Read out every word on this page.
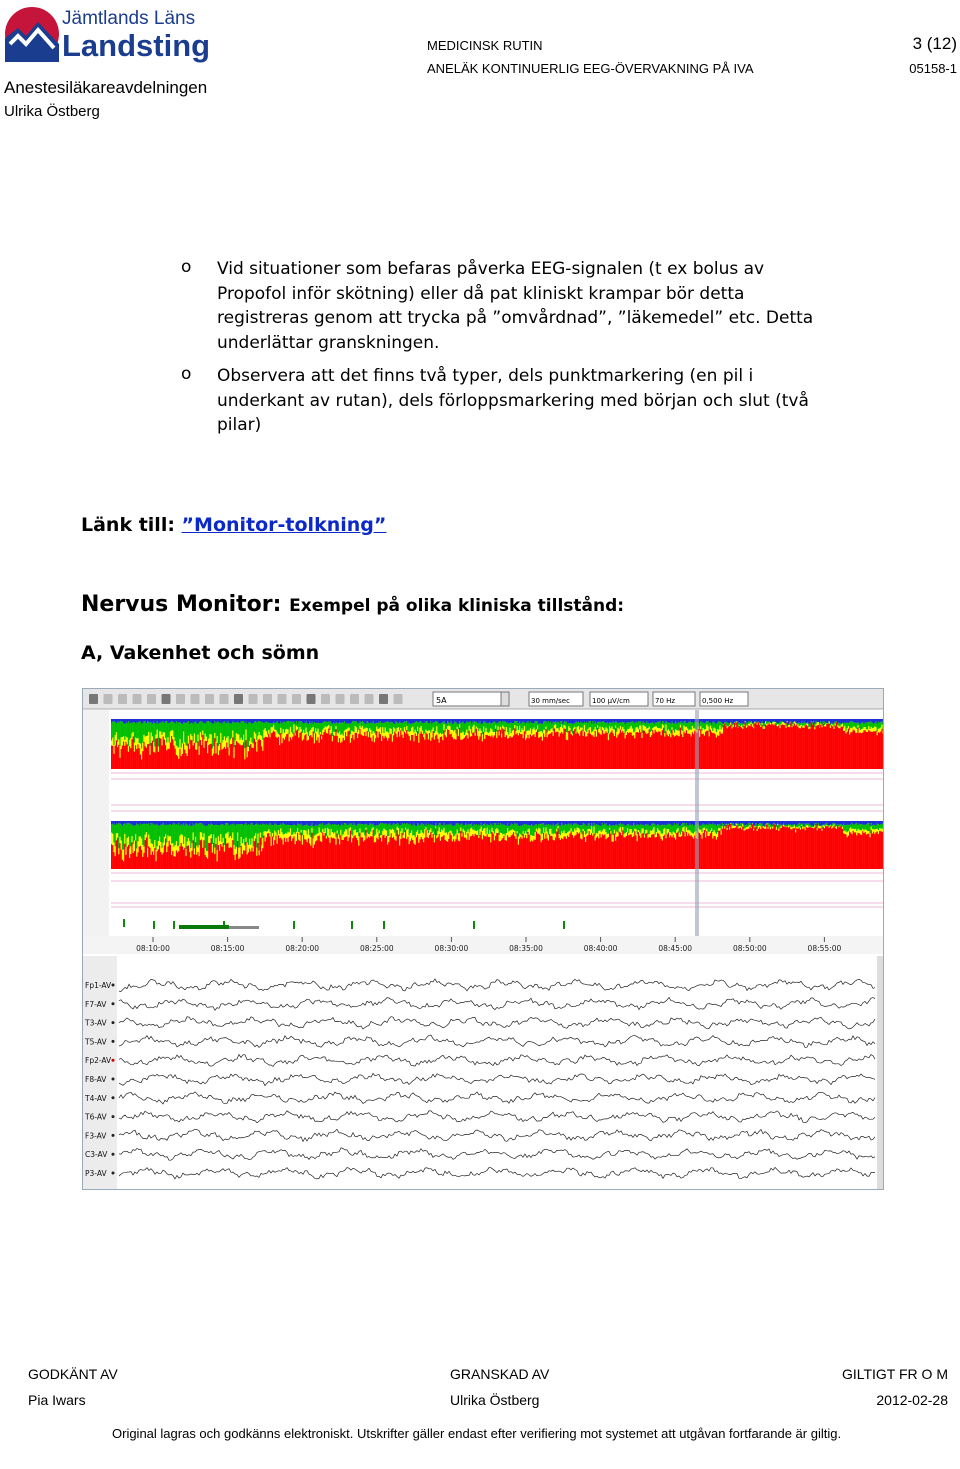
Jämtlands Läns
Landsting
Anestesiläkareavdelningen
Ulrika Östberg
MEDICINSK RUTIN
ANELÄK KONTINUERLIG EEG-ÖVERVAKNING PÅ IVA
3 (12)
05158-1
o Vid situationer som befaras påverka EEG-signalen (t ex bolus av
Propofol inför skötning) eller då pat kliniskt krampar bör detta
registreras genom att trycka på ”omvårdnad”, ”läkemedel” etc. Detta
underlättar granskningen.
o Observera att det finns två typer, dels punktmarkering (en pil i
underkant av rutan), dels förloppsmarkering med början och slut (två
pilar)
Länk till: ”Monitor-tolkning”
Nervus Monitor: Exempel på olika kliniska tillstånd:
A, Vakenhet och sömn
5A	30 mm/sec	100 µV/cm	70 Hz	0,500 Hz
08:10:00	08:15:00	08:20:00	08:25:00	08:30:00	08:35:00	08:40:00	08:45:00	08:50:00	08:55:00
Fp1-AV
F7-AV
T3-AV
T5-AV
Fp2-AV
F8-AV
T4-AV
T6-AV
F3-AV
C3-AV
P3-AV
GODKÄNT AV
Pia Iwars
GRANSKAD AV
Ulrika Östberg
GILTIGT FR O M
2012-02-28
Original lagras och godkänns elektroniskt. Utskrifter gäller endast efter verifiering mot systemet att utgåvan fortfarande är giltig.
